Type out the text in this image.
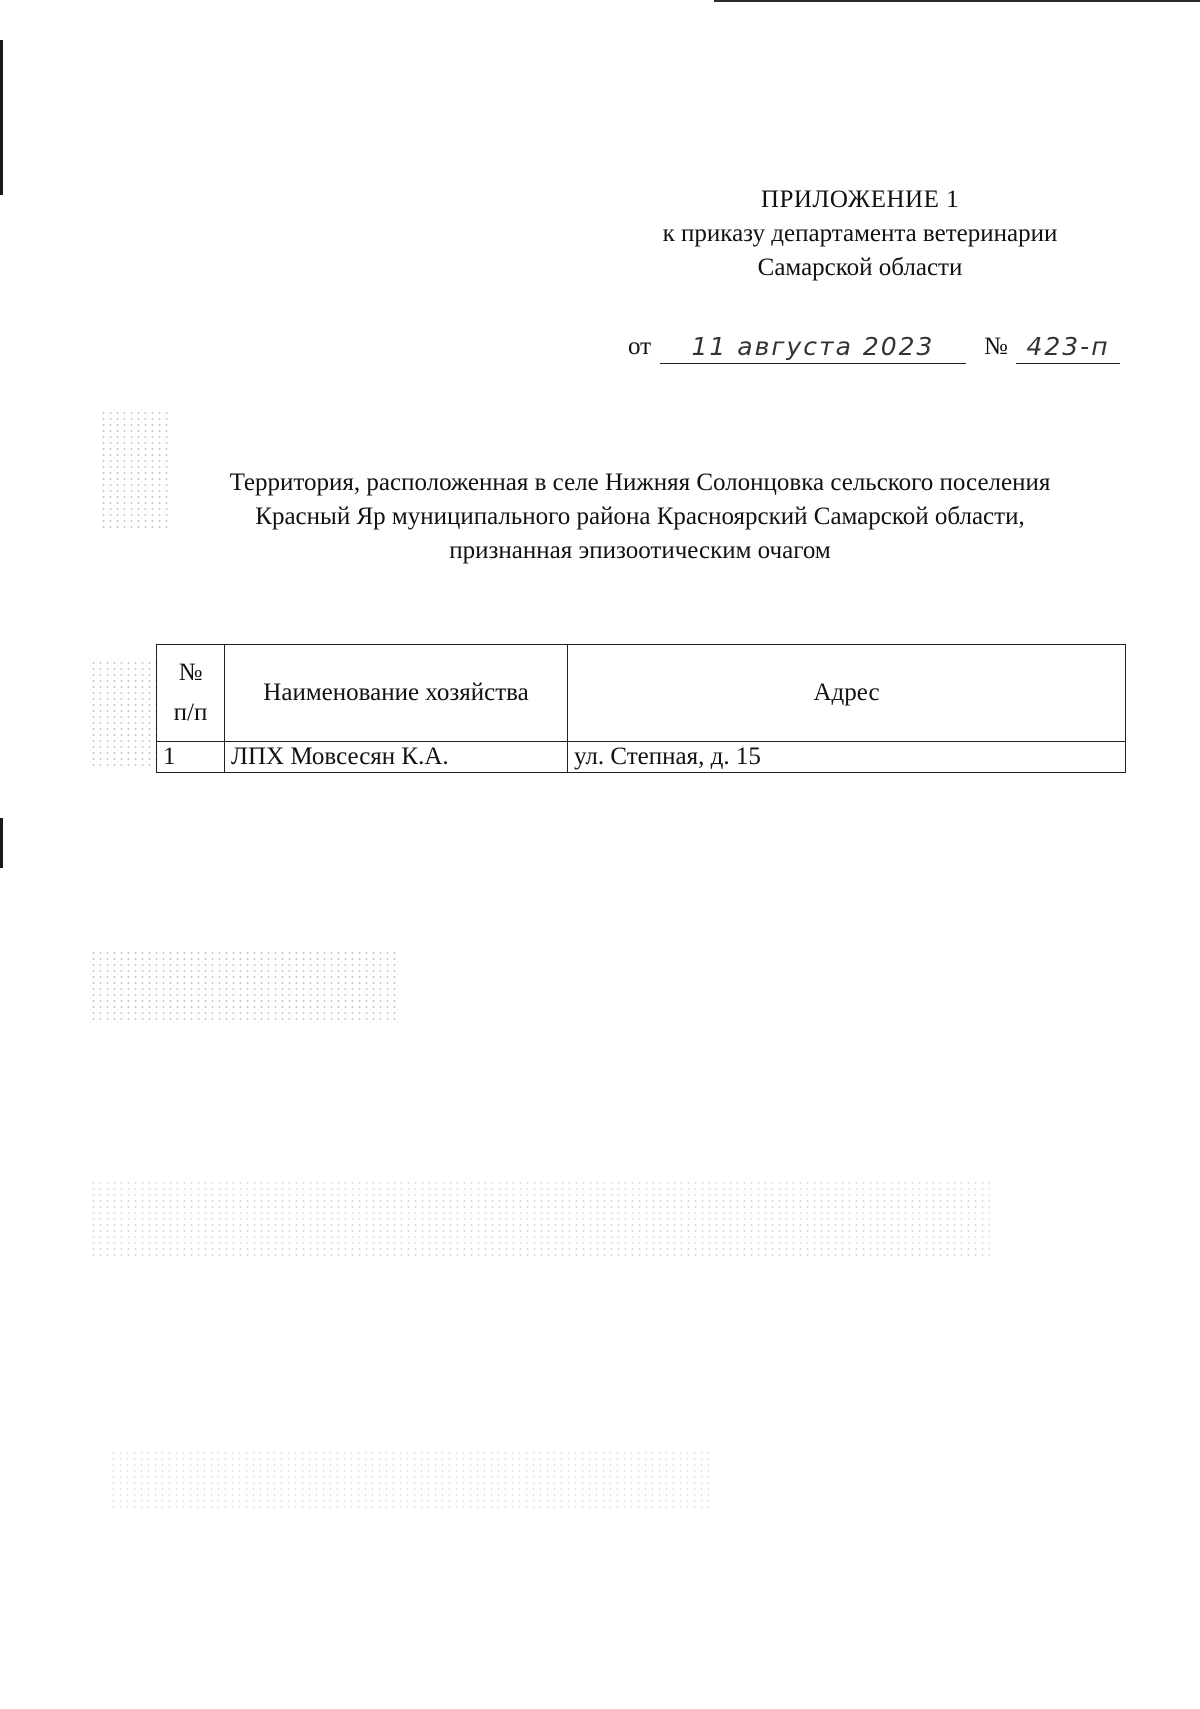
ПРИЛОЖЕНИЕ 1
к приказу департамента ветеринарии
Самарской области
от	11 августа 2023	№ 423-п
Территория, расположенная в селе Нижняя Солонцовка сельского поселения
Красный Яр муниципального района Красноярский Самарской области,
признанная эпизоотическим очагом
№
п/п	Наименование хозяйства	Адрес
1	ЛПХ Мовсесян К.А.	ул. Степная, д. 15
